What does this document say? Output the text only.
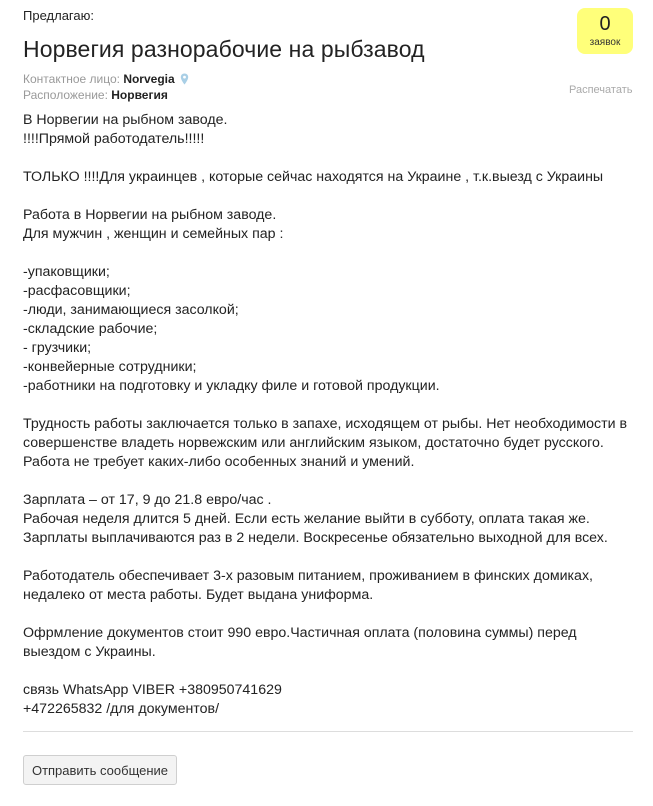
Предлагаю:
Норвегия разнорабочие на рыбзавод
0
заявок
Контактное лицо: Norvegia
Расположение: Норвегия	Распечатать

В Норвегии на рыбном заводе.
!!!!Прямой работодатель!!!!!

ТОЛЬКО !!!!Для украинцев , которые сейчас находятся на Украине , т.к.выезд с Украины

Работа в Норвегии на рыбном заводе.
Для мужчин , женщин и семейных пар :

-упаковщики;
-расфасовщики;
-люди, занимающиеся засолкой;
-складские рабочие;
- грузчики;
-конвейерные сотрудники;
-работники на подготовку и укладку филе и готовой продукции.

Трудность работы заключается только в запахе, исходящем от рыбы. Нет необходимости в совершенстве владеть норвежским или английским языком, достаточно будет русского. Работа не требует каких-либо особенных знаний и умений.

Зарплата – от 17, 9 до 21.8 евро/час .
Рабочая неделя длится 5 дней. Если есть желание выйти в субботу, оплата такая же. Зарплаты выплачиваются раз в 2 недели. Воскресенье обязательно выходной для всех.

Работодатель обеспечивает 3-х разовым питанием, проживанием в финских домиках, недалеко от места работы. Будет выдана униформа.

Офрмление документов стоит 990 евро.Частичная оплата (половина суммы) перед выездом с Украины.

связь WhatsApp VIBER +380950741629
+472265832 /для документов/

Отправить сообщение
